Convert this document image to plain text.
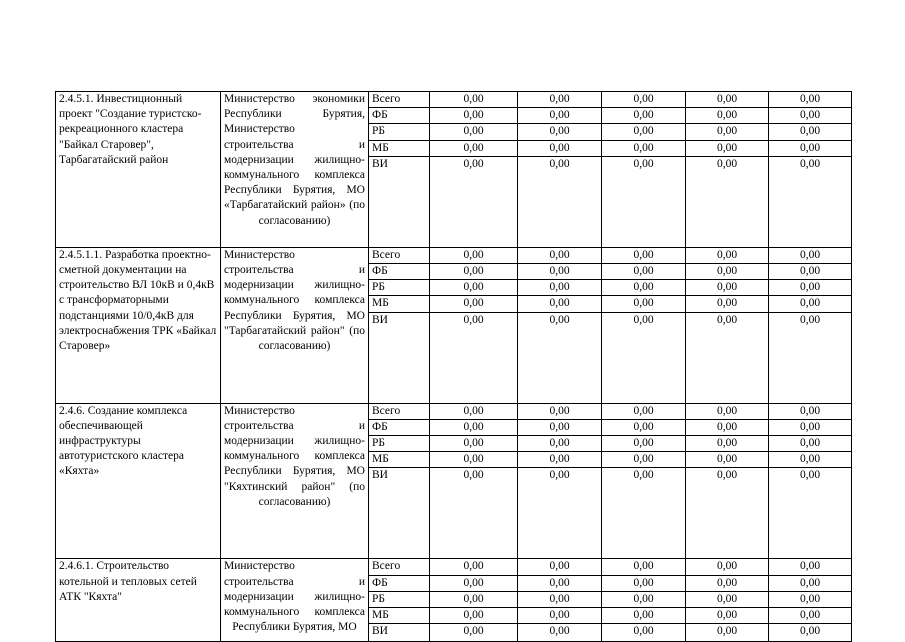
2.4.5.1. Инвестиционный проект "Создание туристско-рекреационного кластера "Байкал Старовер", Тарбагатайский район	Министерство экономики Республики Бурятия, Министерство строительства и модернизации жилищно-коммунального комплекса Республики Бурятия, МО «Тарбагатайский район» (по согласованию)	Всего	0,00	0,00	0,00	0,00	0,00
		ФБ	0,00	0,00	0,00	0,00	0,00
		РБ	0,00	0,00	0,00	0,00	0,00
		МБ	0,00	0,00	0,00	0,00	0,00
		ВИ	0,00	0,00	0,00	0,00	0,00
2.4.5.1.1. Разработка проектно-сметной документации на строительство ВЛ 10кВ и 0,4кВ с трансформаторными подстанциями 10/0,4кВ для электроснабжения ТРК «Байкал Старовер»	Министерство строительства и модернизации жилищно-коммунального комплекса Республики Бурятия, МО "Тарбагатайский район" (по согласованию)	Всего	0,00	0,00	0,00	0,00	0,00
		ФБ	0,00	0,00	0,00	0,00	0,00
		РБ	0,00	0,00	0,00	0,00	0,00
		МБ	0,00	0,00	0,00	0,00	0,00
		ВИ	0,00	0,00	0,00	0,00	0,00
2.4.6. Создание комплекса обеспечивающей инфраструктуры автотуристского кластера «Кяхта»	Министерство строительства и модернизации жилищно-коммунального комплекса Республики Бурятия, МО "Кяхтинский район" (по согласованию)	Всего	0,00	0,00	0,00	0,00	0,00
		ФБ	0,00	0,00	0,00	0,00	0,00
		РБ	0,00	0,00	0,00	0,00	0,00
		МБ	0,00	0,00	0,00	0,00	0,00
		ВИ	0,00	0,00	0,00	0,00	0,00
2.4.6.1. Строительство котельной и тепловых сетей АТК "Кяхта"	Министерство строительства и модернизации жилищно-коммунального комплекса Республики Бурятия, МО	Всего	0,00	0,00	0,00	0,00	0,00
		ФБ	0,00	0,00	0,00	0,00	0,00
		РБ	0,00	0,00	0,00	0,00	0,00
		МБ	0,00	0,00	0,00	0,00	0,00
		ВИ	0,00	0,00	0,00	0,00	0,00
